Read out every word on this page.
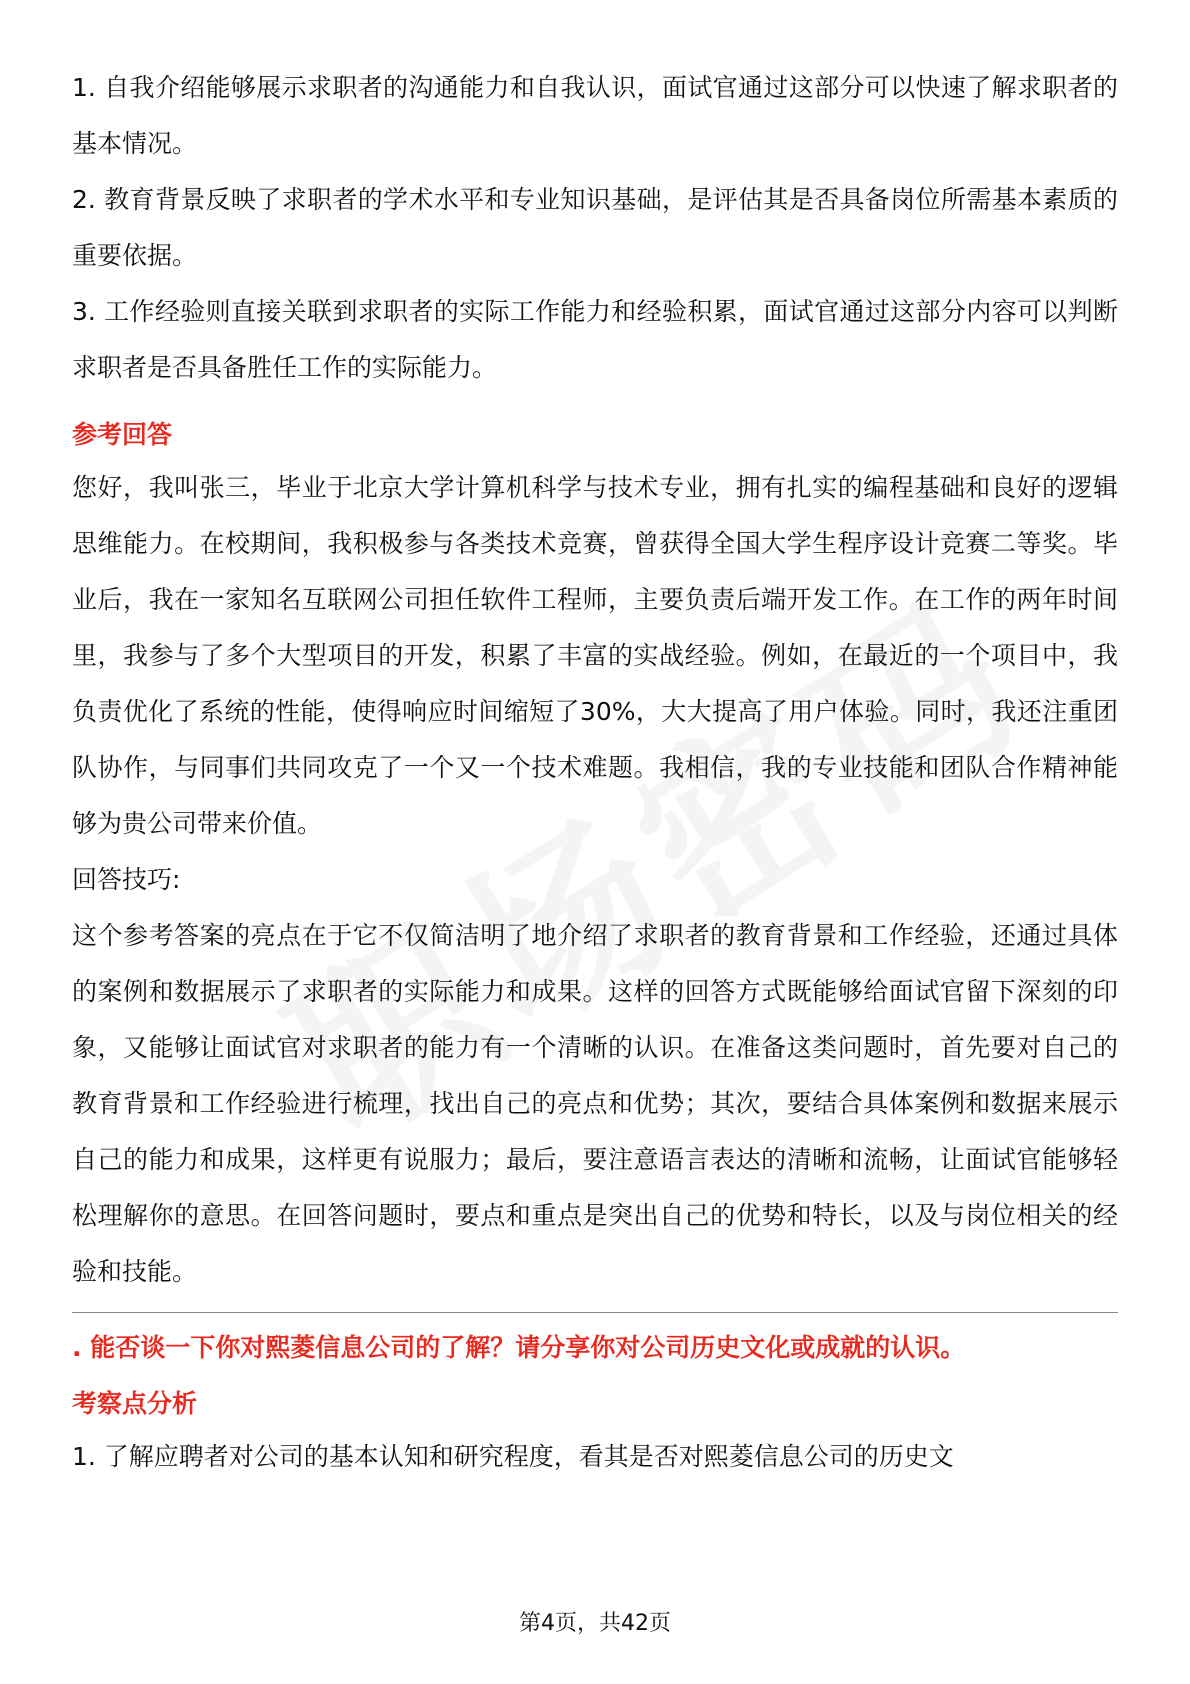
1. 自我介绍能够展示求职者的沟通能力和自我认识，面试官通过这部分可以快速了解求职者的基本情况。

2. 教育背景反映了求职者的学术水平和专业知识基础，是评估其是否具备岗位所需基本素质的重要依据。

3. 工作经验则直接关联到求职者的实际工作能力和经验积累，面试官通过这部分内容可以判断求职者是否具备胜任工作的实际能力。

参考回答

您好，我叫张三，毕业于北京大学计算机科学与技术专业，拥有扎实的编程基础和良好的逻辑思维能力。在校期间，我积极参与各类技术竞赛，曾获得全国大学生程序设计竞赛二等奖。毕业后，我在一家知名互联网公司担任软件工程师，主要负责后端开发工作。在工作的两年时间里，我参与了多个大型项目的开发，积累了丰富的实战经验。例如，在最近的一个项目中，我负责优化了系统的性能，使得响应时间缩短了30%，大大提高了用户体验。同时，我还注重团队协作，与同事们共同攻克了一个又一个技术难题。我相信，我的专业技能和团队合作精神能够为贵公司带来价值。

回答技巧:

这个参考答案的亮点在于它不仅简洁明了地介绍了求职者的教育背景和工作经验，还通过具体的案例和数据展示了求职者的实际能力和成果。这样的回答方式既能够给面试官留下深刻的印象，又能够让面试官对求职者的能力有一个清晰的认识。在准备这类问题时，首先要对自己的教育背景和工作经验进行梳理，找出自己的亮点和优势；其次，要结合具体案例和数据来展示自己的能力和成果，这样更有说服力；最后，要注意语言表达的清晰和流畅，让面试官能够轻松理解你的意思。在回答问题时，要点和重点是突出自己的优势和特长，以及与岗位相关的经验和技能。

. 能否谈一下你对熙菱信息公司的了解？请分享你对公司历史文化或成就的认识。

考察点分析

1. 了解应聘者对公司的基本认知和研究程度，看其是否对熙菱信息公司的历史文

第4页，共42页
